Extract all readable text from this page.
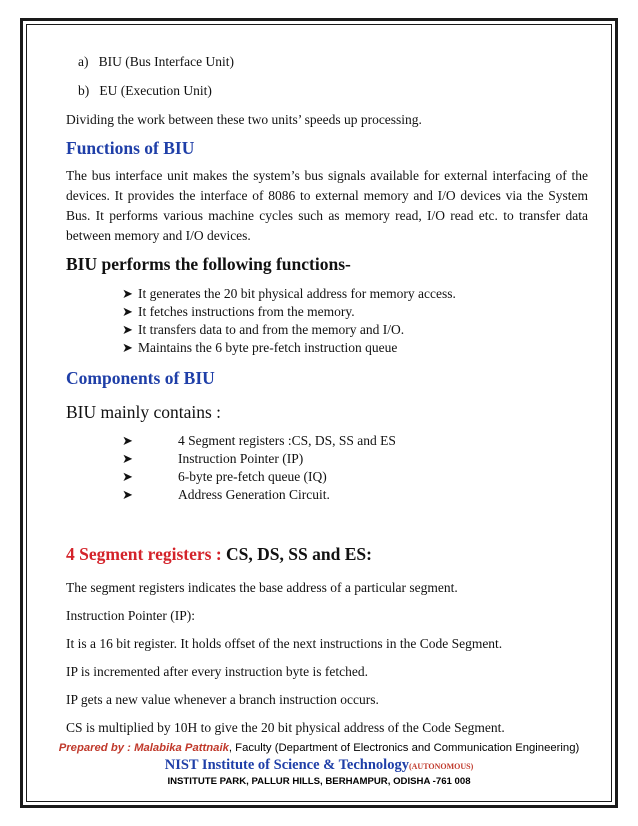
a) BIU (Bus Interface Unit)
b) EU (Execution Unit)
Dividing the work between these two units’ speeds up processing.
Functions of BIU
The bus interface unit makes the system’s bus signals available for external interfacing of the devices. It provides the interface of 8086 to external memory and I/O devices via the System Bus. It performs various machine cycles such as memory read, I/O read etc. to transfer data between memory and I/O devices.
BIU performs the following functions-
➤ It generates the 20 bit physical address for memory access.
➤ It fetches instructions from the memory.
➤ It transfers data to and from the memory and I/O.
➤ Maintains the 6 byte pre-fetch instruction queue
Components of BIU
BIU mainly contains :
➤	4 Segment registers :CS, DS, SS and ES
➤	Instruction Pointer (IP)
➤	6-byte pre-fetch queue (IQ)
➤	Address Generation Circuit.
4 Segment registers : CS, DS, SS and ES:
The segment registers indicates the base address of a particular segment.
Instruction Pointer (IP):
It is a 16 bit register. It holds offset of the next instructions in the Code Segment.
IP is incremented after every instruction byte is fetched.
IP gets a new value whenever a branch instruction occurs.
CS is multiplied by 10H to give the 20 bit physical address of the Code Segment.
Prepared by : Malabika Pattnaik, Faculty (Department of Electronics and Communication Engineering)
NIST Institute of Science & Technology(AUTONOMOUS)
INSTITUTE PARK, PALLUR HILLS, BERHAMPUR, ODISHA -761 008
